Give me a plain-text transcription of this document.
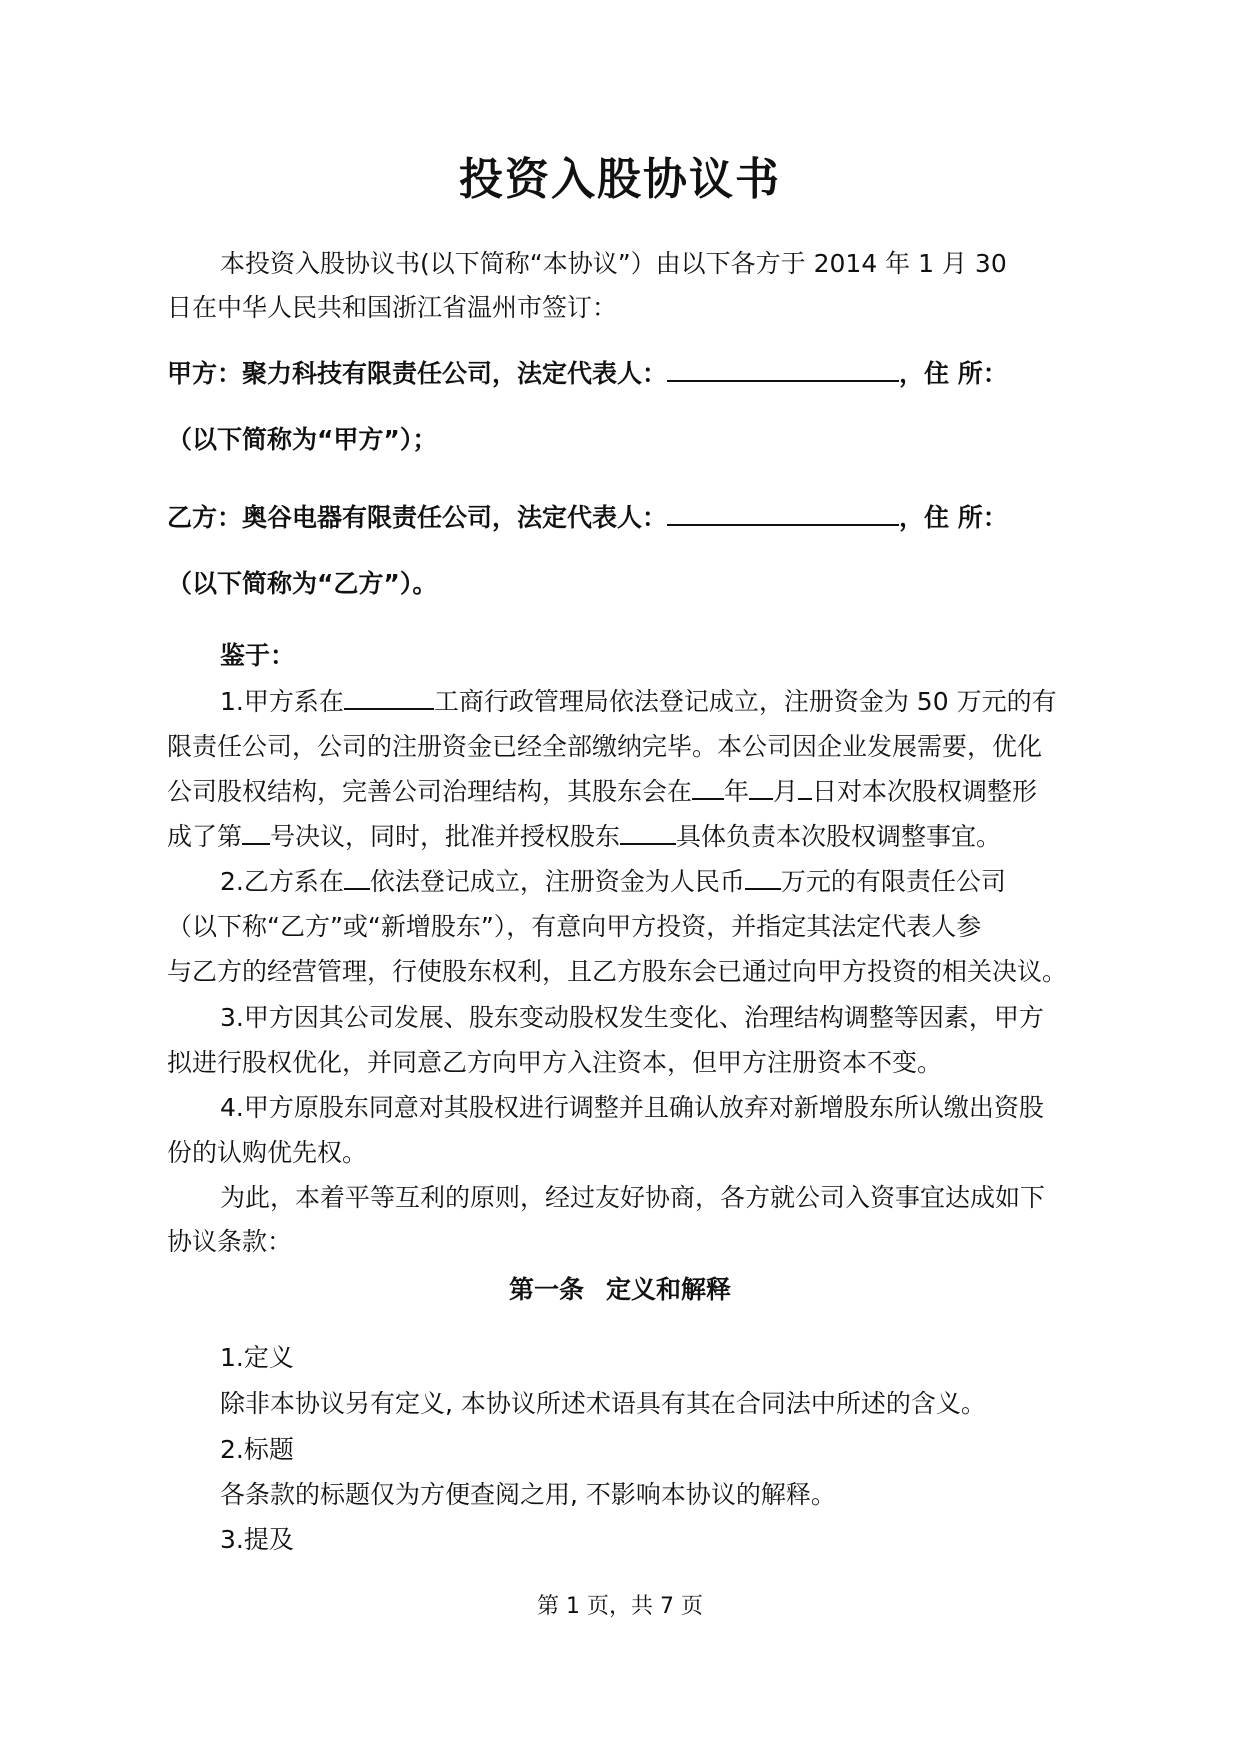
投资入股协议书
本投资入股协议书(以下简称“本协议”）由以下各方于 2014 年 1 月 30
日在中华人民共和国浙江省温州市签订：
甲方：聚力科技有限责任公司，法定代表人：	，住 所：
（以下简称为“甲方”）；
乙方：奥谷电器有限责任公司，法定代表人：	，住 所：
（以下简称为“乙方”）。
鉴于：
1.甲方系在	工商行政管理局依法登记成立，注册资金为 50 万元的有
限责任公司，公司的注册资金已经全部缴纳完毕。本公司因企业发展需要，优化
公司股权结构，完善公司治理结构，其股东会在 年 月 日对本次股权调整形
成了第 号决议，同时，批准并授权股东 具体负责本次股权调整事宜。
2.乙方系在 依法登记成立，注册资金为人民币 万元的有限责任公司
（以下称“乙方”或“新增股东”），有意向甲方投资，并指定其法定代表人参
与乙方的经营管理，行使股东权利，且乙方股东会已通过向甲方投资的相关决议。
3.甲方因其公司发展、股东变动股权发生变化、治理结构调整等因素，甲方
拟进行股权优化，并同意乙方向甲方入注资本，但甲方注册资本不变。
4.甲方原股东同意对其股权进行调整并且确认放弃对新增股东所认缴出资股
份的认购优先权。
为此，本着平等互利的原则，经过友好协商，各方就公司入资事宜达成如下
协议条款：
第一条 定义和解释
1.定义
除非本协议另有定义, 本协议所述术语具有其在合同法中所述的含义。
2.标题
各条款的标题仅为方便查阅之用, 不影响本协议的解释。
3.提及
第 1 页，共 7 页
